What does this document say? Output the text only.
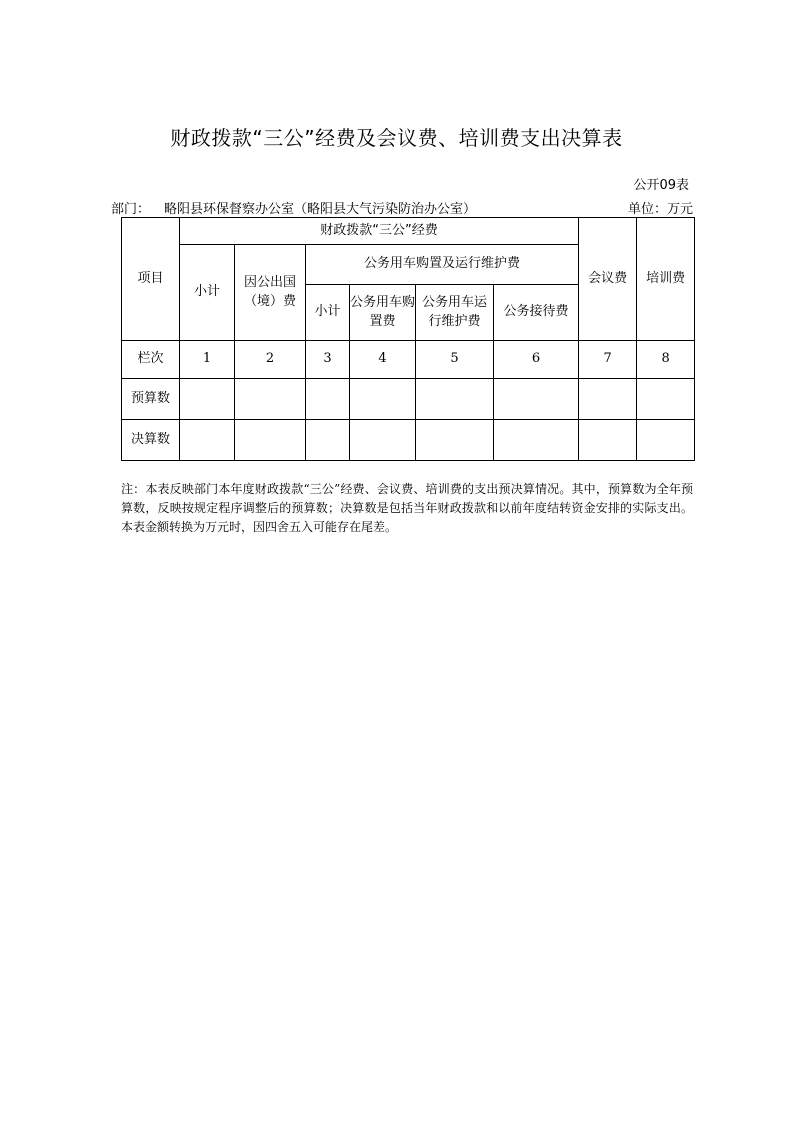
财政拨款“三公”经费及会议费、培训费支出决算表
公开09表
部门： 略阳县环保督察办公室（略阳县大气污染防治办公室）	单位：万元
项目	财政拨款“三公”经费						会议费	培训费
	小计	因公出国（境）费	公务用车购置及运行维护费					
			小计	公务用车购置费	公务用车运行维护费	公务接待费		
栏次	1	2	3	4	5	6	7	8
预算数								
决算数								
注：本表反映部门本年度财政拨款“三公”经费、会议费、培训费的支出预决算情况。其中，预算数为全年预算数，反映按规定程序调整后的预算数；决算数是包括当年财政拨款和以前年度结转资金安排的实际支出。本表金额转换为万元时，因四舍五入可能存在尾差。
